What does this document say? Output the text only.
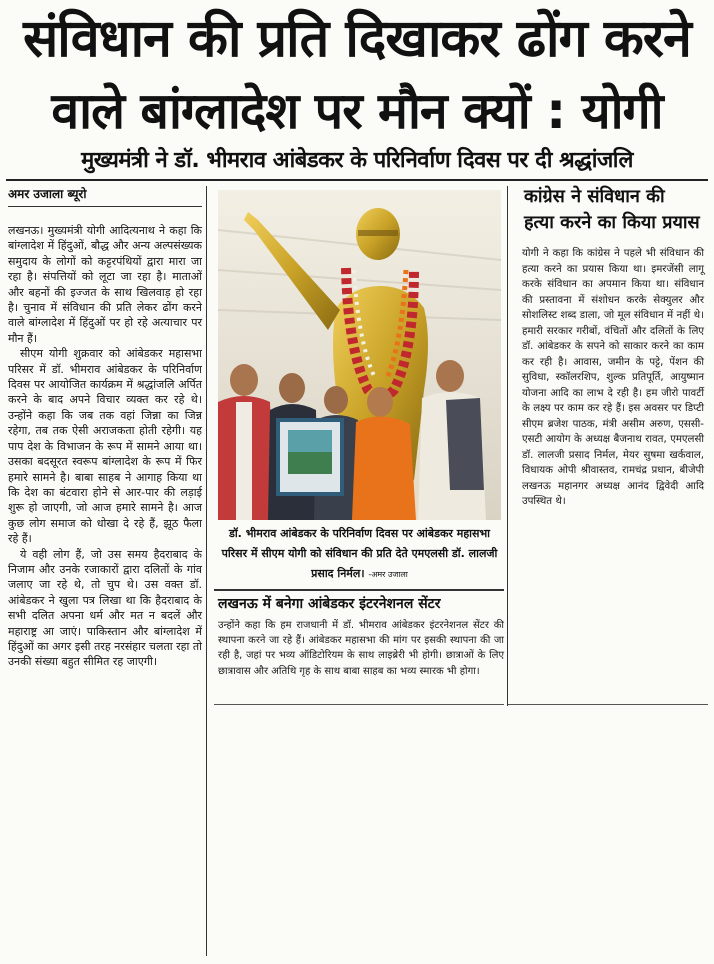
संविधान की प्रति दिखाकर ढोंग करने
वाले बांग्लादेश पर मौन क्यों : योगी
मुख्यमंत्री ने डॉ. भीमराव आंबेडकर के परिनिर्वाण दिवस पर दी श्रद्धांजलि
अमर उजाला ब्यूरो

लखनऊ। मुख्यमंत्री योगी आदित्यनाथ ने कहा कि बांग्लादेश में हिंदुओं, बौद्ध और अन्य अल्पसंख्यक समुदाय के लोगों को कट्टरपंथियों द्वारा मारा जा रहा है। संपत्तियों को लूटा जा रहा है। माताओं और बहनों की इज्जत के साथ खिलवाड़ हो रहा है। चुनाव में संविधान की प्रति लेकर ढोंग करने वाले बांग्लादेश में हिंदुओं पर हो रहे अत्याचार पर मौन हैं।

सीएम योगी शुक्रवार को आंबेडकर महासभा परिसर में डॉ. भीमराव आंबेडकर के परिनिर्वाण दिवस पर आयोजित कार्यक्रम में श्रद्धांजलि अर्पित करने के बाद अपने विचार व्यक्त कर रहे थे। उन्होंने कहा कि जब तक वहां जिन्ना का जिन्न रहेगा, तब तक ऐसी अराजकता होती रहेगी। यह पाप देश के विभाजन के रूप में सामने आया था। उसका बदसूरत स्वरूप बांग्लादेश के रूप में फिर हमारे सामने है। बाबा साहब ने आगाह किया था कि देश का बंटवारा होने से आर-पार की लड़ाई शुरू हो जाएगी, जो आज हमारे सामने है। आज कुछ लोग समाज को धोखा दे रहे हैं, झूठ फैला रहे हैं।

ये वही लोग हैं, जो उस समय हैदराबाद के निजाम और उनके रजाकारों द्वारा दलितों के गांव जलाए जा रहे थे, तो चुप थे। उस वक्त डॉ. आंबेडकर ने खुला पत्र लिखा था कि हैदराबाद के सभी दलित अपना धर्म और मत न बदलें और महाराष्ट्र आ जाएं। पाकिस्तान और बांग्लादेश में हिंदुओं का अगर इसी तरह नरसंहार चलता रहा तो उनकी संख्या बहुत सीमित रह जाएगी।

डॉ. भीमराव आंबेडकर के परिनिर्वाण दिवस पर आंबेडकर महासभा परिसर में सीएम योगी को संविधान की प्रति देते एमएलसी डॉ. लालजी प्रसाद निर्मल। -अमर उजाला
लखनऊ में बनेगा आंबेडकर इंटरनेशनल सेंटर
उन्होंने कहा कि हम राजधानी में डॉ. भीमराव आंबेडकर इंटरनेशनल सेंटर की स्थापना करने जा रहे हैं। आंबेडकर महासभा की मांग पर इसकी स्थापना की जा रही है, जहां पर भव्य ऑडिटोरियम के साथ लाइब्रेरी भी होगी। छात्राओं के लिए छात्रावास और अतिथि गृह के साथ बाबा साहब का भव्य स्मारक भी होगा।
कांग्रेस ने संविधान की हत्या करने का किया प्रयास
योगी ने कहा कि कांग्रेस ने पहले भी संविधान की हत्या करने का प्रयास किया था। इमरजेंसी लागू करके संविधान का अपमान किया था। संविधान की प्रस्तावना में संशोधन करके सेक्युलर और सोशलिस्ट शब्द डाला, जो मूल संविधान में नहीं थे। हमारी सरकार गरीबों, वंचितों और दलितों के लिए डॉ. आंबेडकर के सपने को साकार करने का काम कर रही है। आवास, जमीन के पट्टे, पेंशन की सुविधा, स्कॉलरशिप, शुल्क प्रतिपूर्ति, आयुष्मान योजना आदि का लाभ दे रही है। हम जीरो पावर्टी के लक्ष्य पर काम कर रहे हैं। इस अवसर पर डिप्टी सीएम ब्रजेश पाठक, मंत्री असीम अरुण, एससी-एसटी आयोग के अध्यक्ष बैजनाथ रावत, एमएलसी डॉ. लालजी प्रसाद निर्मल, मेयर सुषमा खर्कवाल, विधायक ओपी श्रीवास्तव, रामचंद्र प्रधान, बीजेपी लखनऊ महानगर अध्यक्ष आनंद द्विवेदी आदि उपस्थित थे।
